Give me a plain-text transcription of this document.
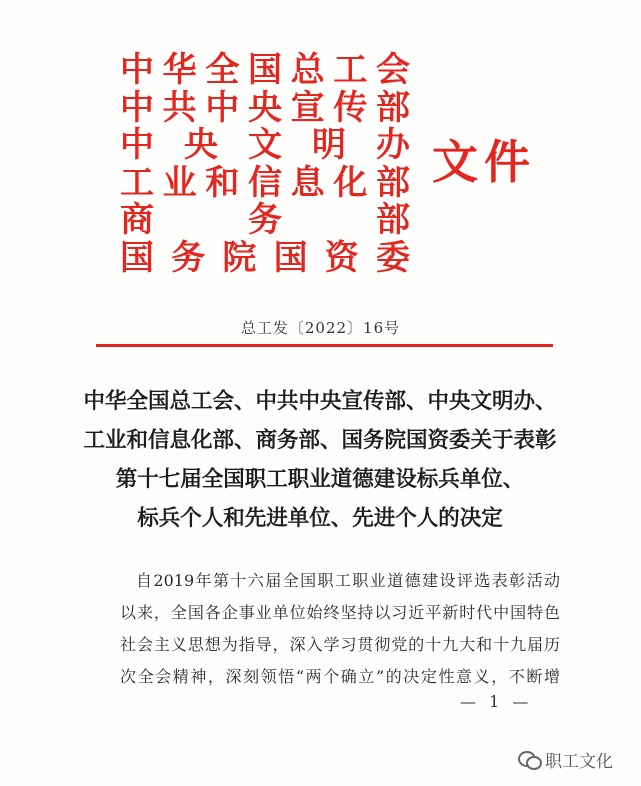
中华全国总工会
中共中央宣传部
中央文明办
工业和信息化部
商务部
国务院国资委
文件
总工发〔2022〕16号
中华全国总工会、中共中央宣传部、中央文明办、
工业和信息化部、商务部、国务院国资委关于表彰
第十七届全国职工职业道德建设标兵单位、
标兵个人和先进单位、先进个人的决定
自2019年第十六届全国职工职业道德建设评选表彰活动
以来，全国各企事业单位始终坚持以习近平新时代中国特色
社会主义思想为指导，深入学习贯彻党的十九大和十九届历
次全会精神，深刻领悟“两个确立”的决定性意义，不断增
— 1 —
职工文化
